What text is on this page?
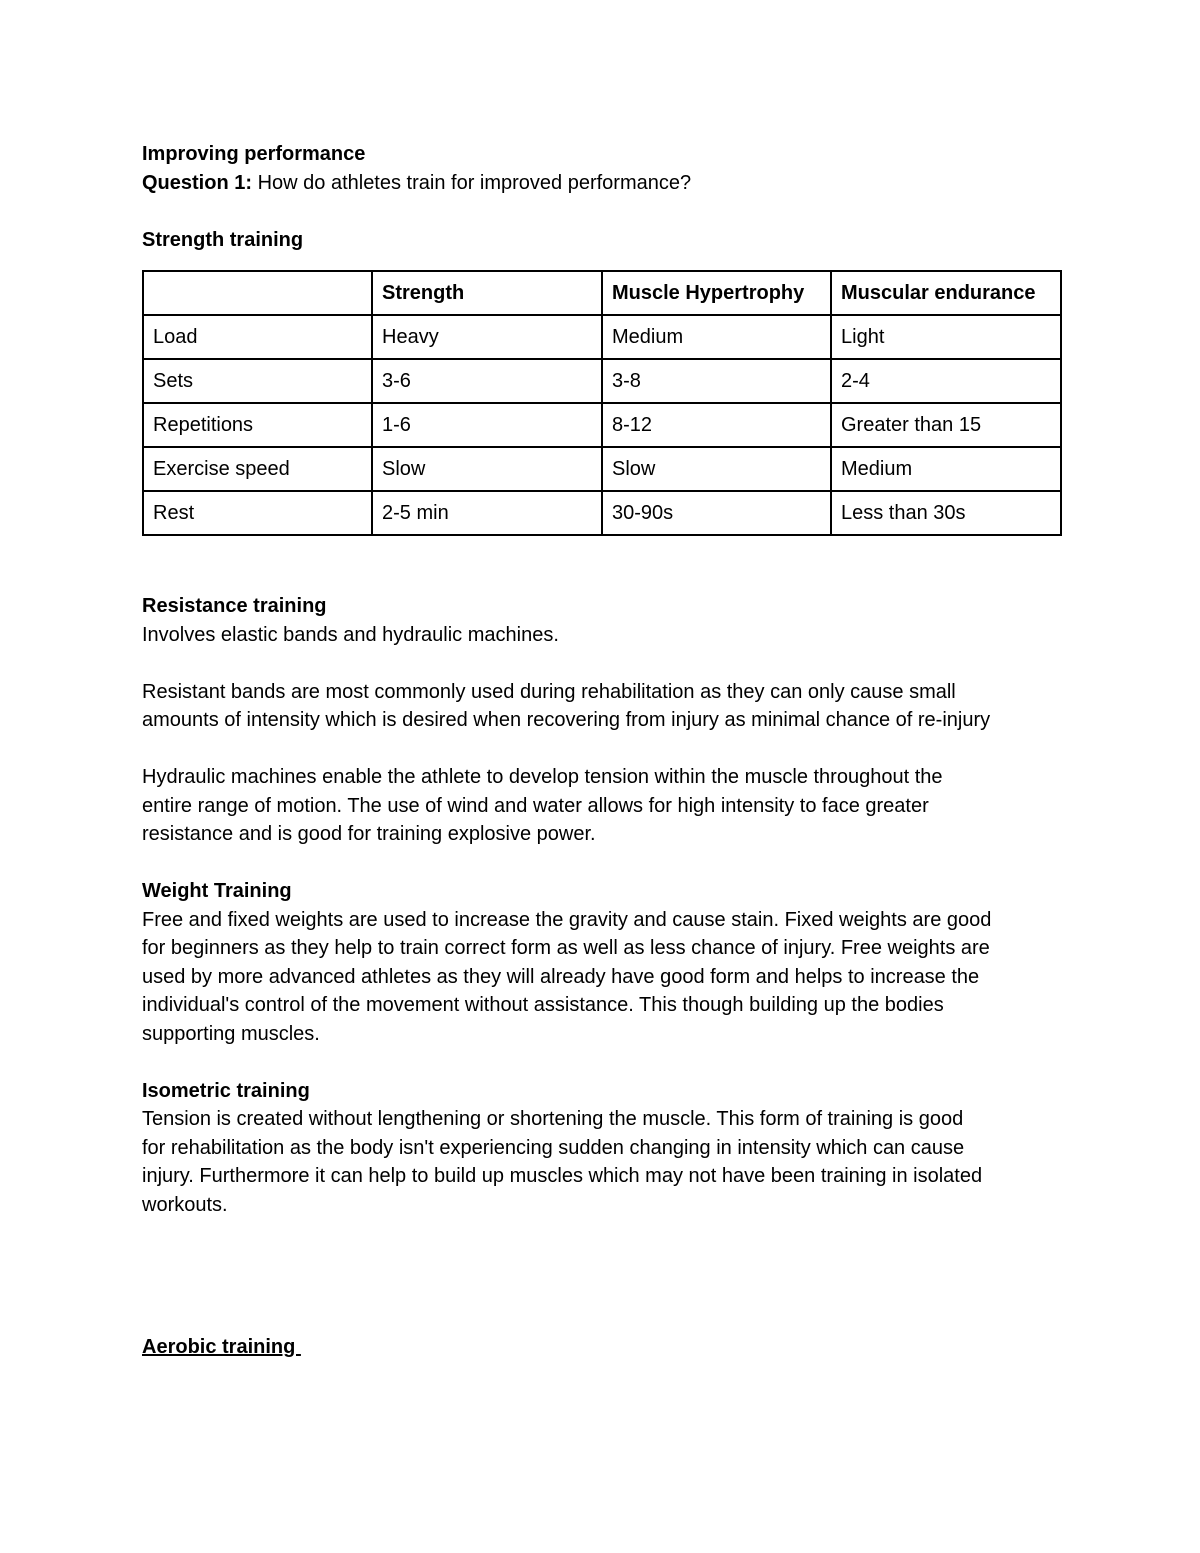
Improving performance
Question 1: How do athletes train for improved performance?
Strength training
	Strength	Muscle Hypertrophy	Muscular endurance
Load	Heavy	Medium	Light
Sets	3-6	3-8	2-4
Repetitions	1-6	8-12	Greater than 15
Exercise speed	Slow	Slow	Medium
Rest	2-5 min	30-90s	Less than 30s
Resistance training
Involves elastic bands and hydraulic machines.
Resistant bands are most commonly used during rehabilitation as they can only cause small
amounts of intensity which is desired when recovering from injury as minimal chance of re-injury
Hydraulic machines enable the athlete to develop tension within the muscle throughout the
entire range of motion. The use of wind and water allows for high intensity to face greater
resistance and is good for training explosive power.
Weight Training
Free and fixed weights are used to increase the gravity and cause stain. Fixed weights are good
for beginners as they help to train correct form as well as less chance of injury. Free weights are
used by more advanced athletes as they will already have good form and helps to increase the
individual's control of the movement without assistance. This though building up the bodies
supporting muscles.
Isometric training
Tension is created without lengthening or shortening the muscle. This form of training is good
for rehabilitation as the body isn't experiencing sudden changing in intensity which can cause
injury. Furthermore it can help to build up muscles which may not have been training in isolated
workouts.
Aerobic training
